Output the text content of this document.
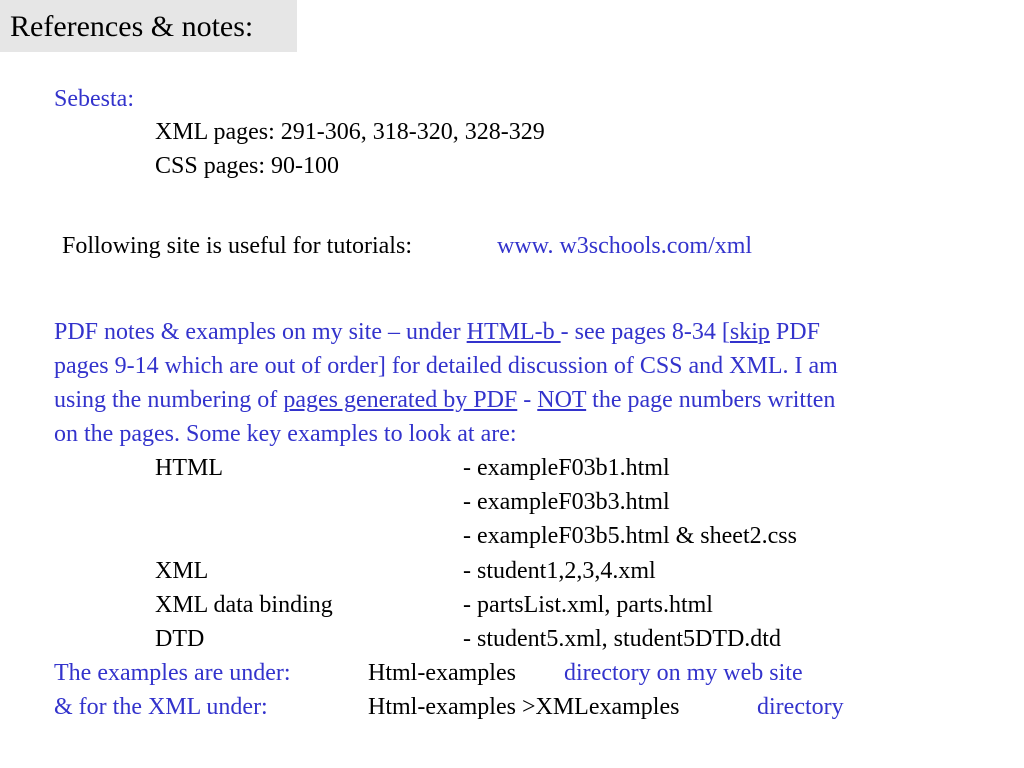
References & notes:
Sebesta:
XML pages: 291-306, 318-320, 328-329
CSS pages: 90-100
Following site is useful for tutorials:	www. w3schools.com/xml
PDF notes & examples on my site – under HTML-b - see pages 8-34 [skip PDF
pages 9-14 which are out of order] for detailed discussion of CSS and XML. I am
using the numbering of pages generated by PDF - NOT the page numbers written
on the pages. Some key examples to look at are:
HTML	- exampleF03b1.html
- exampleF03b3.html
- exampleF03b5.html & sheet2.css
XML	- student1,2,3,4.xml
XML data binding	- partsList.xml, parts.html
DTD	- student5.xml, student5DTD.dtd
The examples are under:	Html-examples directory on my web site
& for the XML under:	Html-examples >XMLexamples	directory
